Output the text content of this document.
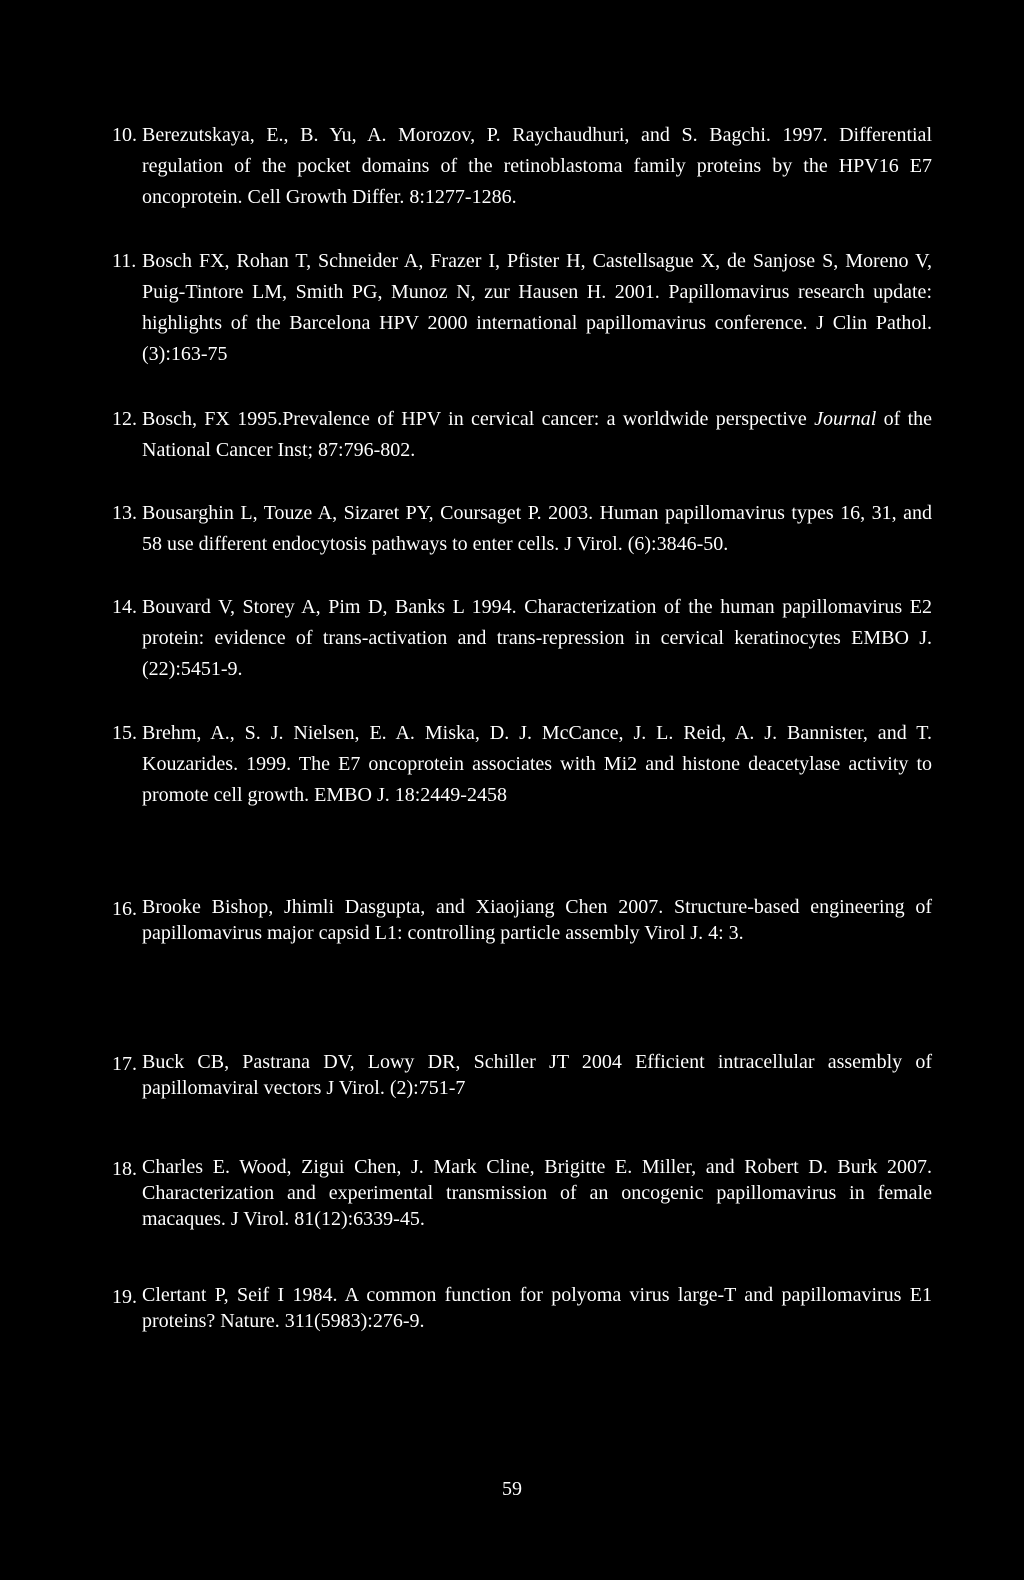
10. Berezutskaya, E., B. Yu, A. Morozov, P. Raychaudhuri, and S. Bagchi. 1997. Differential regulation of the pocket domains of the retinoblastoma family proteins by the HPV16 E7 oncoprotein. Cell Growth Differ. 8:1277-1286.
11. Bosch FX, Rohan T, Schneider A, Frazer I, Pfister H, Castellsague X, de Sanjose S, Moreno V, Puig-Tintore LM, Smith PG, Munoz N, zur Hausen H. 2001. Papillomavirus research update: highlights of the Barcelona HPV 2000 international papillomavirus conference. J Clin Pathol. (3):163-75
12. Bosch, FX 1995.Prevalence of HPV in cervical cancer: a worldwide perspective Journal of the National Cancer Inst; 87:796-802.
13. Bousarghin L, Touze A, Sizaret PY, Coursaget P. 2003. Human papillomavirus types 16, 31, and 58 use different endocytosis pathways to enter cells. J Virol. (6):3846-50.
14. Bouvard V, Storey A, Pim D, Banks L 1994. Characterization of the human papillomavirus E2 protein: evidence of trans-activation and trans-repression in cervical keratinocytes EMBO J.(22):5451-9.
15. Brehm, A., S. J. Nielsen, E. A. Miska, D. J. McCance, J. L. Reid, A. J. Bannister, and T. Kouzarides. 1999. The E7 oncoprotein associates with Mi2 and histone deacetylase activity to promote cell growth. EMBO J. 18:2449-2458
16. Brooke Bishop, Jhimli Dasgupta, and Xiaojiang Chen 2007. Structure-based engineering of papillomavirus major capsid L1: controlling particle assembly Virol J. 4: 3.
17. Buck CB, Pastrana DV, Lowy DR, Schiller JT 2004 Efficient intracellular assembly of papillomaviral vectors J Virol. (2):751-7
18. Charles E. Wood, Zigui Chen, J. Mark Cline, Brigitte E. Miller, and Robert D. Burk 2007. Characterization and experimental transmission of an oncogenic papillomavirus in female macaques. J Virol. 81(12):6339-45.
19. Clertant P, Seif I 1984. A common function for polyoma virus large-T and papillomavirus E1 proteins? Nature. 311(5983):276-9.
59
